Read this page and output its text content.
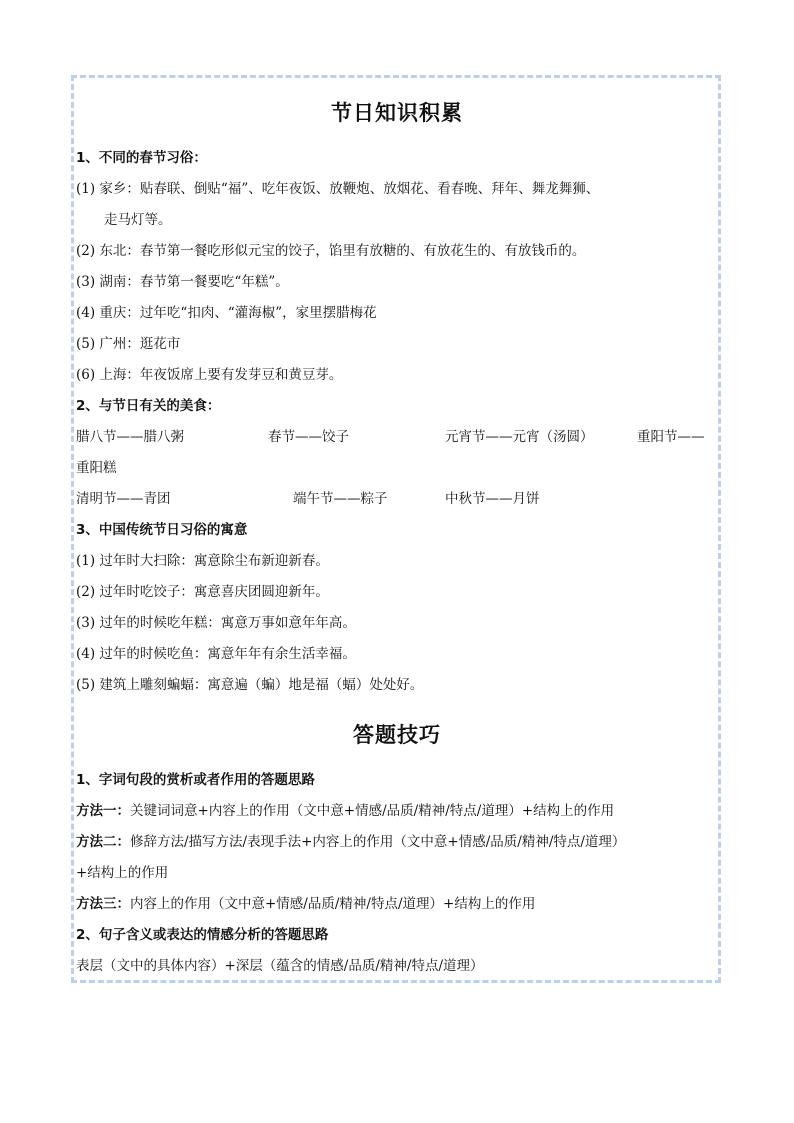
节日知识积累
1、不同的春节习俗：
(1) 家乡：贴春联、倒贴“福”、吃年夜饭、放鞭炮、放烟花、看春晚、拜年、舞龙舞狮、
走马灯等。
(2) 东北：春节第一餐吃形似元宝的饺子，馅里有放糖的、有放花生的、有放钱币的。
(3) 湖南：春节第一餐要吃“年糕”。
(4) 重庆：过年吃“扣肉、“灌海椒”，家里摆腊梅花
(5) 广州：逛花市
(6) 上海：年夜饭席上要有发芽豆和黄豆芽。
2、与节日有关的美食：
腊八节——腊八粥	春节——饺子	元宵节——元宵（汤圆）	重阳节——
重阳糕
清明节——青团	端午节——粽子	中秋节——月饼
3、中国传统节日习俗的寓意
(1) 过年时大扫除：寓意除尘布新迎新春。
(2) 过年时吃饺子：寓意喜庆团圆迎新年。
(3) 过年的时候吃年糕：寓意万事如意年年高。
(4) 过年的时候吃鱼：寓意年年有余生活幸福。
(5) 建筑上雕刻蝙蝠：寓意遍（蝙）地是福（蝠）处处好。
答题技巧
1、字词句段的赏析或者作用的答题思路
方法一：关键词词意+内容上的作用（文中意+情感/品质/精神/特点/道理）+结构上的作用
方法二：修辞方法/描写方法/表现手法+内容上的作用（文中意+情感/品质/精神/特点/道理）
+结构上的作用
方法三：内容上的作用（文中意+情感/品质/精神/特点/道理）+结构上的作用
2、句子含义或表达的情感分析的答题思路
表层（文中的具体内容）+深层（蕴含的情感/品质/精神/特点/道理）
